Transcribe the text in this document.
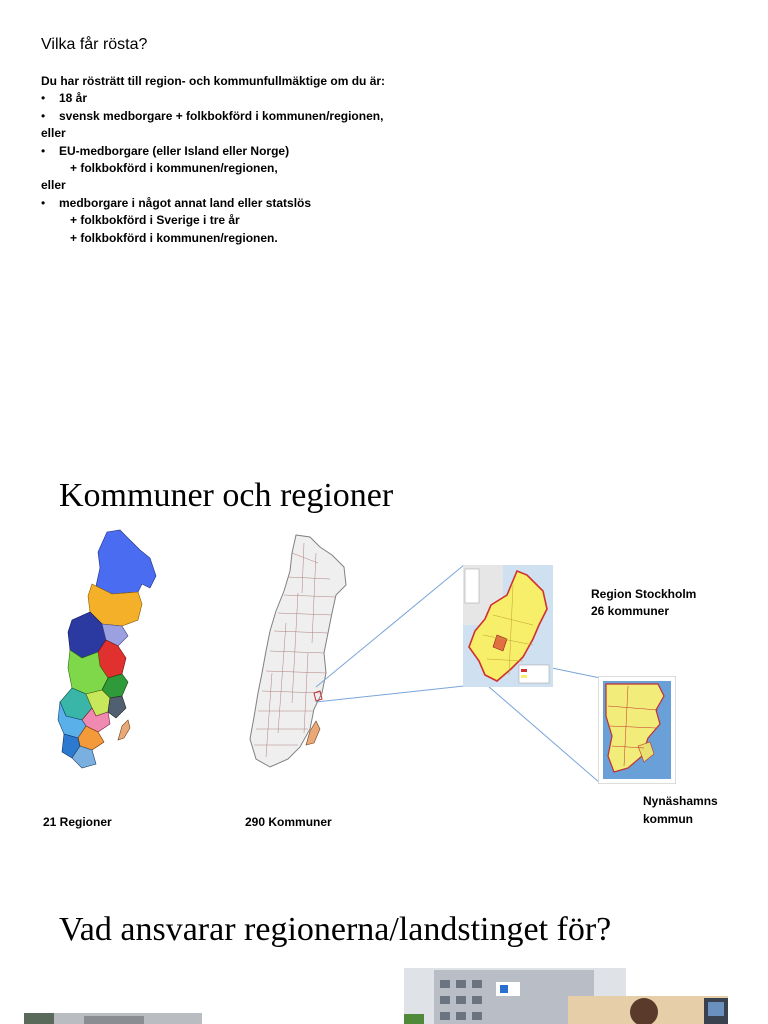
Vilka får rösta?
Du har rösträtt till region- och kommunfullmäktige om du är:
• 18 år
• svensk medborgare + folkbokförd i kommunen/regionen,
eller
• EU-medborgare (eller Island eller Norge)
+ folkbokförd i kommunen/regionen,
eller
• medborgare i något annat land eller statslös
+ folkbokförd i Sverige i tre år
+ folkbokförd i kommunen/regionen.
Kommuner och regioner
21 Regioner	290 Kommuner
Region Stockholm
26 kommuner
Nynäshamns
kommun
Vad ansvarar regionerna/landstinget för?
